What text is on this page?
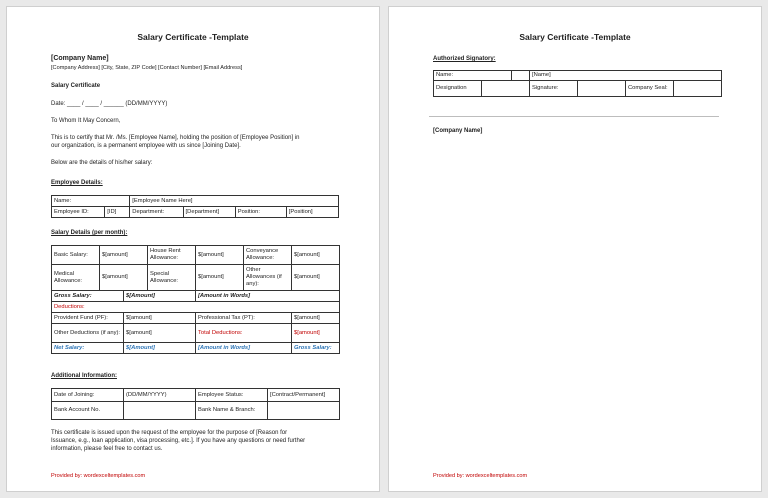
Salary Certificate -Template
[Company Name]
[Company Address] [City, State, ZIP Code] [Contact Number] [Email Address]
Salary Certificate
Date: ____ / ____ / ______ (DD/MM/YYYY)
To Whom It May Concern,
This is to certify that Mr. /Ms. [Employee Name], holding the position of [Employee Position] in
our organization, is a permanent employee with us since [Joining Date].
Below are the details of his/her salary:
Employee Details:
Name:		[Employee Name Here]			
Employee ID:	[ID]	Department:	[Department]	Position:	[Position]
Salary Details (per month):
Basic Salary:	$[amount]		House Rent Allowance:	$[amount]	Conveyance Allowance:	$[amount]
Medical Allowance:	$[amount]		Special Allowance:	$[amount]	Other Allowances (if any):	$[amount]
Gross Salary:		$[Amount]		[Amount in Words]		
Deductions:						
Provident Fund (PF):		$[amount]		Professional Tax (PT):		$[amount]
Other Deductions (if any):		$[amount]		Total Deductions:		$[amount]
Net Salary:		$[Amount]		[Amount in Words]		Gross Salary:
Additional Information:
Date of Joining:	(DD/MM/YYYY)	Employee Status:	[Contract/Permanent]
Bank Account No.		Bank Name & Branch:	
This certificate is issued upon the request of the employee for the purpose of [Reason for
Issuance, e.g., loan application, visa processing, etc.]. If you have any questions or need further
information, please feel free to contact us.
Provided by: wordexceltemplates.com
Salary Certificate -Template
Authorized Signatory:
Name:		[Name]			
Designation		Signature:		Company Seal:	
[Company Name]
Provided by: wordexceltemplates.com
